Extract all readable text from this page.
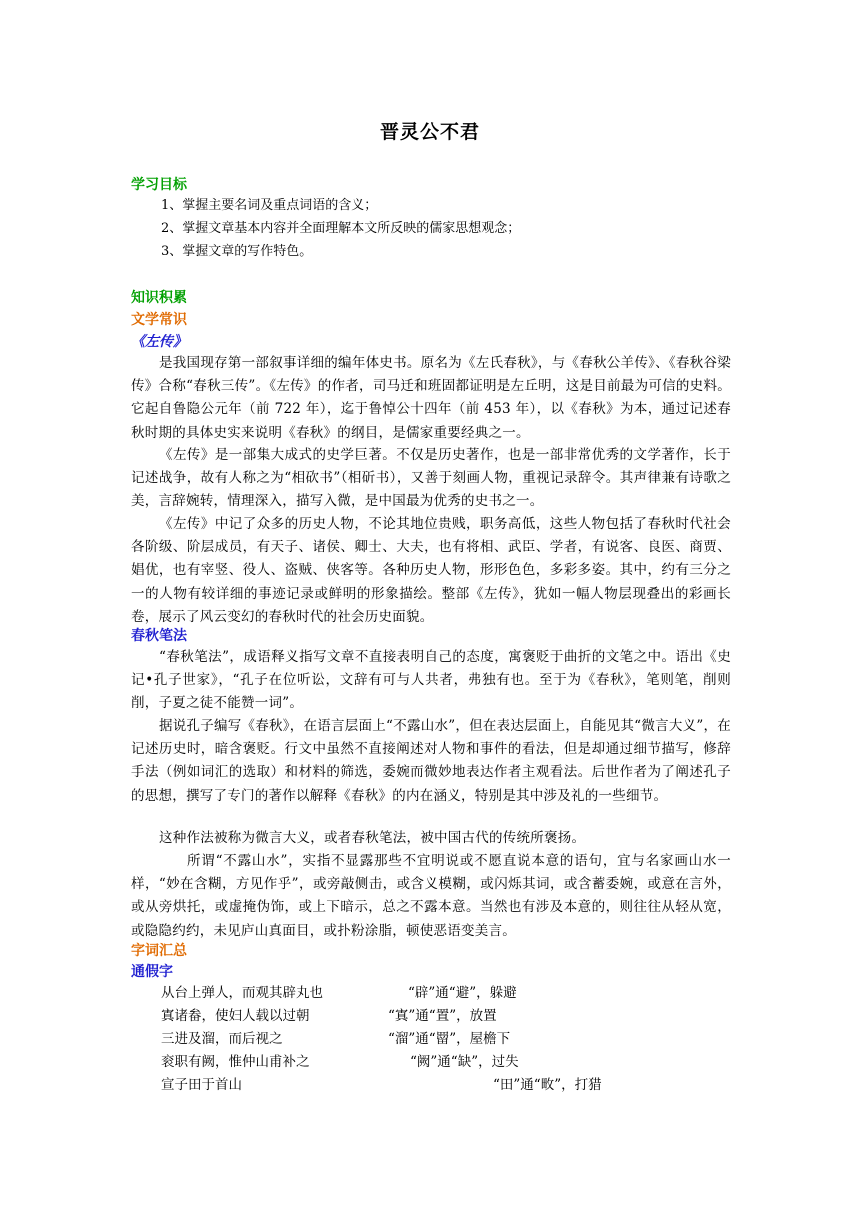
晋灵公不君
学习目标
1、掌握主要名词及重点词语的含义；
2、掌握文章基本内容并全面理解本文所反映的儒家思想观念；
3、掌握文章的写作特色。
知识积累
文学常识
《左传》
是我国现存第一部叙事详细的编年体史书。原名为《左氏春秋》，与《春秋公羊传》、《春秋谷梁传》合称“春秋三传”。《左传》的作者，司马迁和班固都证明是左丘明，这是目前最为可信的史料。它起自鲁隐公元年（前 722 年），迄于鲁悼公十四年（前 453 年），以《春秋》为本，通过记述春秋时期的具体史实来说明《春秋》的纲目，是儒家重要经典之一。
《左传》是一部集大成式的史学巨著。不仅是历史著作，也是一部非常优秀的文学著作，长于记述战争，故有人称之为“相砍书”（相斫书），又善于刻画人物，重视记录辞令。其声律兼有诗歌之美，言辞婉转，情理深入，描写入微，是中国最为优秀的史书之一。
《左传》中记了众多的历史人物，不论其地位贵贱，职务高低，这些人物包括了春秋时代社会各阶级、阶层成员，有天子、诸侯、卿士、大夫，也有将相、武臣、学者，有说客、良医、商贾、娼优，也有宰竖、役人、盗贼、侠客等。各种历史人物，形形色色，多彩多姿。其中，约有三分之一的人物有较详细的事迹记录或鲜明的形象描绘。整部《左传》，犹如一幅人物层现叠出的彩画长卷，展示了风云变幻的春秋时代的社会历史面貌。
春秋笔法
“春秋笔法”，成语释义指写文章不直接表明自己的态度，寓褒贬于曲折的文笔之中。语出《史记•孔子世家》，“孔子在位听讼，文辞有可与人共者，弗独有也。至于为《春秋》，笔则笔，削则削，子夏之徒不能赞一词”。
据说孔子编写《春秋》，在语言层面上“不露山水”，但在表达层面上，自能见其“微言大义”，在记述历史时，暗含褒贬。行文中虽然不直接阐述对人物和事件的看法，但是却通过细节描写，修辞手法（例如词汇的选取）和材料的筛选，委婉而微妙地表达作者主观看法。后世作者为了阐述孔子的思想，撰写了专门的著作以解释《春秋》的内在涵义，特别是其中涉及礼的一些细节。
这种作法被称为微言大义，或者春秋笔法，被中国古代的传统所褒扬。
所谓“不露山水”，实指不显露那些不宜明说或不愿直说本意的语句，宜与名家画山水一样，“妙在含糊，方见作乎”，或旁敲侧击，或含义模糊，或闪烁其词，或含蓄委婉，或意在言外，或从旁烘托，或虚掩伪饰，或上下暗示，总之不露本意。当然也有涉及本意的，则往往从轻从宽，或隐隐约约，未见庐山真面目，或扑粉涂脂，顿使恶语变美言。
字词汇总
通假字
从台上弹人，而观其辟丸也	“辟”通“避”，躲避
寘诸畚，使妇人载以过朝	“寘”通“置”，放置
三进及溜，而后视之	“溜”通“罶”，屋檐下
衮职有阙，惟仲山甫补之	“阙”通“缺”，过失
宣子田于首山	“田”通“畋”，打猎
